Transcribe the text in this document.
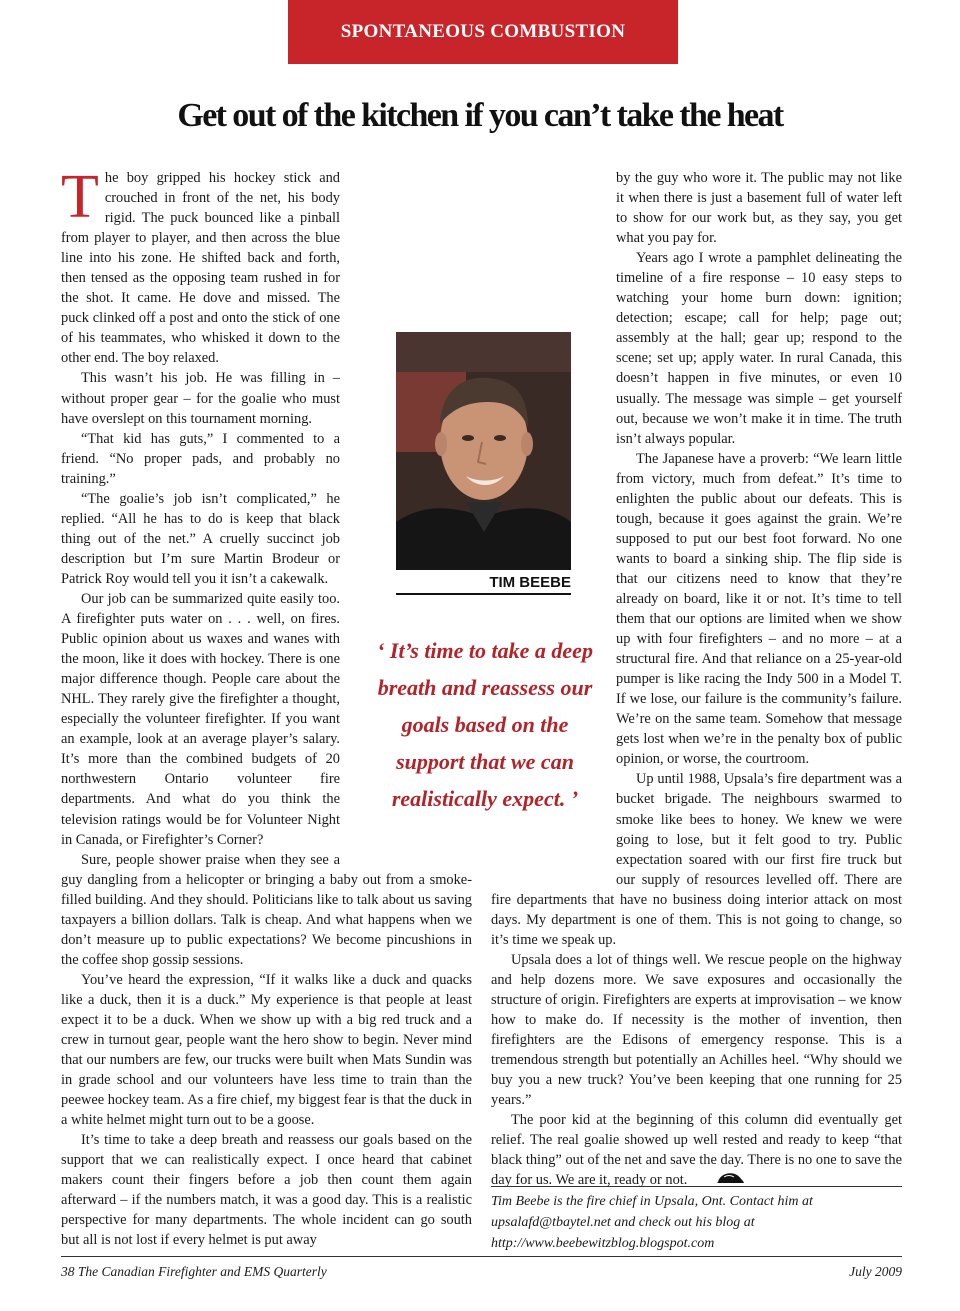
SPONTANEOUS COMBUSTION
Get out of the kitchen if you can’t take the heat

The boy gripped his hockey stick and crouched in front of the net, his body rigid. The puck bounced like a pinball from player to player, and then across the blue line into his zone. He shifted back and forth, then tensed as the opposing team rushed in for the shot. It came. He dove and missed. The puck clinked off a post and onto the stick of one of his teammates, who whisked it down to the other end. The boy relaxed.

This wasn’t his job. He was filling in – without proper gear – for the goalie who must have overslept on this tournament morning.

“That kid has guts,” I commented to a friend. “No proper pads, and probably no training.”

“The goalie’s job isn’t complicated,” he replied. “All he has to do is keep that black thing out of the net.” A cruelly succinct job description but I’m sure Martin Brodeur or Patrick Roy would tell you it isn’t a cakewalk.

Our job can be summarized quite easily too. A firefighter puts water on . . . well, on fires. Public opinion about us waxes and wanes with the moon, like it does with hockey. There is one major difference though. People care about the NHL. They rarely give the firefighter a thought, especially the volunteer firefighter. If you want an example, look at an average player’s salary. It’s more than the combined budgets of 20 northwestern Ontario volunteer fire departments. And what do you think the television ratings would be for Volunteer Night in Canada, or Firefighter’s Corner?

Sure, people shower praise when they see a guy dangling from a helicopter or bringing a baby out from a smoke-filled building. And they should. Politicians like to talk about us saving taxpayers a billion dollars. Talk is cheap. And what happens when we don’t measure up to public expectations? We become pincushions in the coffee shop gossip sessions.

You’ve heard the expression, “If it walks like a duck and quacks like a duck, then it is a duck.” My experience is that people at least expect it to be a duck. When we show up with a big red truck and a crew in turnout gear, people want the hero show to begin. Never mind that our numbers are few, our trucks were built when Mats Sundin was in grade school and our volunteers have less time to train than the peewee hockey team. As a fire chief, my biggest fear is that the duck in a white helmet might turn out to be a goose.

It’s time to take a deep breath and reassess our goals based on the support that we can realistically expect. I once heard that cabinet makers count their fingers before a job then count them again afterward – if the numbers match, it was a good day. This is a realistic perspective for many departments. The whole incident can go south but all is not lost if every helmet is put away

by the guy who wore it. The public may not like it when there is just a basement full of water left to show for our work but, as they say, you get what you pay for.

Years ago I wrote a pamphlet delineating the timeline of a fire response – 10 easy steps to watching your home burn down: ignition; detection; escape; call for help; page out; assembly at the hall; gear up; respond to the scene; set up; apply water. In rural Canada, this doesn’t happen in five minutes, or even 10 usually. The message was simple – get yourself out, because we won’t make it in time. The truth isn’t always popular.

The Japanese have a proverb: “We learn little from victory, much from defeat.” It’s time to enlighten the public about our defeats. This is tough, because it goes against the grain. We’re supposed to put our best foot forward. No one wants to board a sinking ship. The flip side is that our citizens need to know that they’re already on board, like it or not. It’s time to tell them that our options are limited when we show up with four firefighters – and no more – at a structural fire. And that reliance on a 25-year-old pumper is like racing the Indy 500 in a Model T. If we lose, our failure is the community’s failure. We’re on the same team. Somehow that message gets lost when we’re in the penalty box of public opinion, or worse, the courtroom.

Up until 1988, Upsala’s fire department was a bucket brigade. The neighbours swarmed to smoke like bees to honey. We knew we were going to lose, but it felt good to try. Public expectation soared with our first fire truck but our supply of resources levelled off. There are fire departments that have no business doing interior attack on most days. My department is one of them. This is not going to change, so it’s time we speak up.

Upsala does a lot of things well. We rescue people on the highway and help dozens more. We save exposures and occasionally the structure of origin. Firefighters are experts at improvisation – we know how to make do. If necessity is the mother of invention, then firefighters are the Edisons of emergency response. This is a tremendous strength but potentially an Achilles heel. “Why should we buy you a new truck? You’ve been keeping that one running for 25 years.”

The poor kid at the beginning of this column did eventually get relief. The real goalie showed up well rested and ready to keep “that black thing” out of the net and save the day. There is no one to save the day for us. We are it, ready or not.

TIM BEEBE
‘ It’s time to take a deep breath and reassess our goals based on the support that we can realistically expect. ’
Tim Beebe is the fire chief in Upsala, Ont. Contact him at upsalafd@tbaytel.net and check out his blog at http://www.beebewitzblog.blogspot.com
38 The Canadian Firefighter and EMS Quarterly	July 2009
